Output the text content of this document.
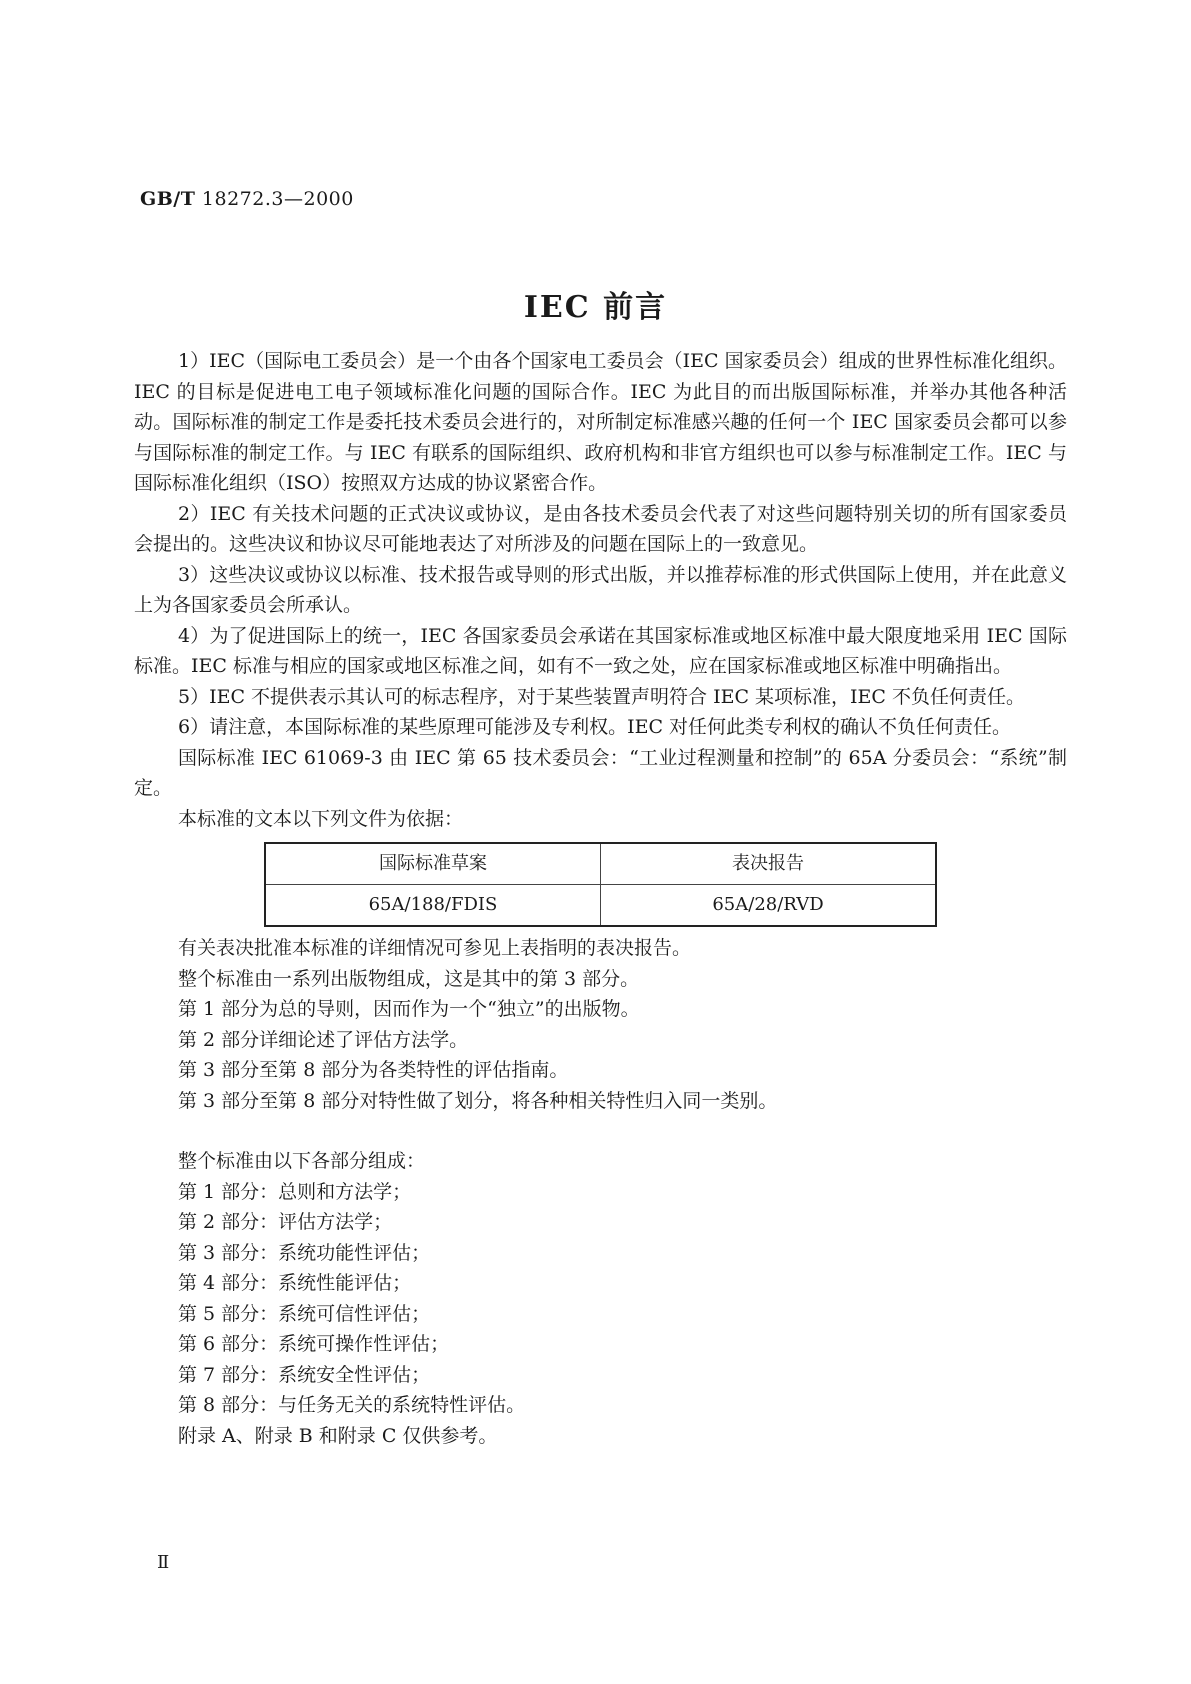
GB/T 18272.3—2000
IEC 前言

1）IEC（国际电工委员会）是一个由各个国家电工委员会（IEC 国家委员会）组成的世界性标准化组织。IEC 的目标是促进电工电子领域标准化问题的国际合作。IEC 为此目的而出版国际标准，并举办其他各种活动。国际标准的制定工作是委托技术委员会进行的，对所制定标准感兴趣的任何一个 IEC 国家委员会都可以参与国际标准的制定工作。与 IEC 有联系的国际组织、政府机构和非官方组织也可以参与标准制定工作。IEC 与国际标准化组织（ISO）按照双方达成的协议紧密合作。

2）IEC 有关技术问题的正式决议或协议，是由各技术委员会代表了对这些问题特别关切的所有国家委员会提出的。这些决议和协议尽可能地表达了对所涉及的问题在国际上的一致意见。

3）这些决议或协议以标准、技术报告或导则的形式出版，并以推荐标准的形式供国际上使用，并在此意义上为各国家委员会所承认。

4）为了促进国际上的统一，IEC 各国家委员会承诺在其国家标准或地区标准中最大限度地采用 IEC 国际标准。IEC 标准与相应的国家或地区标准之间，如有不一致之处，应在国家标准或地区标准中明确指出。

5）IEC 不提供表示其认可的标志程序，对于某些装置声明符合 IEC 某项标准，IEC 不负任何责任。

6）请注意，本国际标准的某些原理可能涉及专利权。IEC 对任何此类专利权的确认不负任何责任。

国际标准 IEC 61069-3 由 IEC 第 65 技术委员会：“工业过程测量和控制”的 65A 分委员会：“系统”制定。

本标准的文本以下列文件为依据：

国际标准草案	表决报告
65A/188/FDIS	65A/28/RVD

有关表决批准本标准的详细情况可参见上表指明的表决报告。

整个标准由一系列出版物组成，这是其中的第 3 部分。

第 1 部分为总的导则，因而作为一个“独立”的出版物。

第 2 部分详细论述了评估方法学。

第 3 部分至第 8 部分为各类特性的评估指南。

第 3 部分至第 8 部分对特性做了划分，将各种相关特性归入同一类别。

整个标准由以下各部分组成：

第 1 部分：总则和方法学；

第 2 部分：评估方法学；

第 3 部分：系统功能性评估；

第 4 部分：系统性能评估；

第 5 部分：系统可信性评估；

第 6 部分：系统可操作性评估；

第 7 部分：系统安全性评估；

第 8 部分：与任务无关的系统特性评估。

附录 A、附录 B 和附录 C 仅供参考。

Ⅱ
